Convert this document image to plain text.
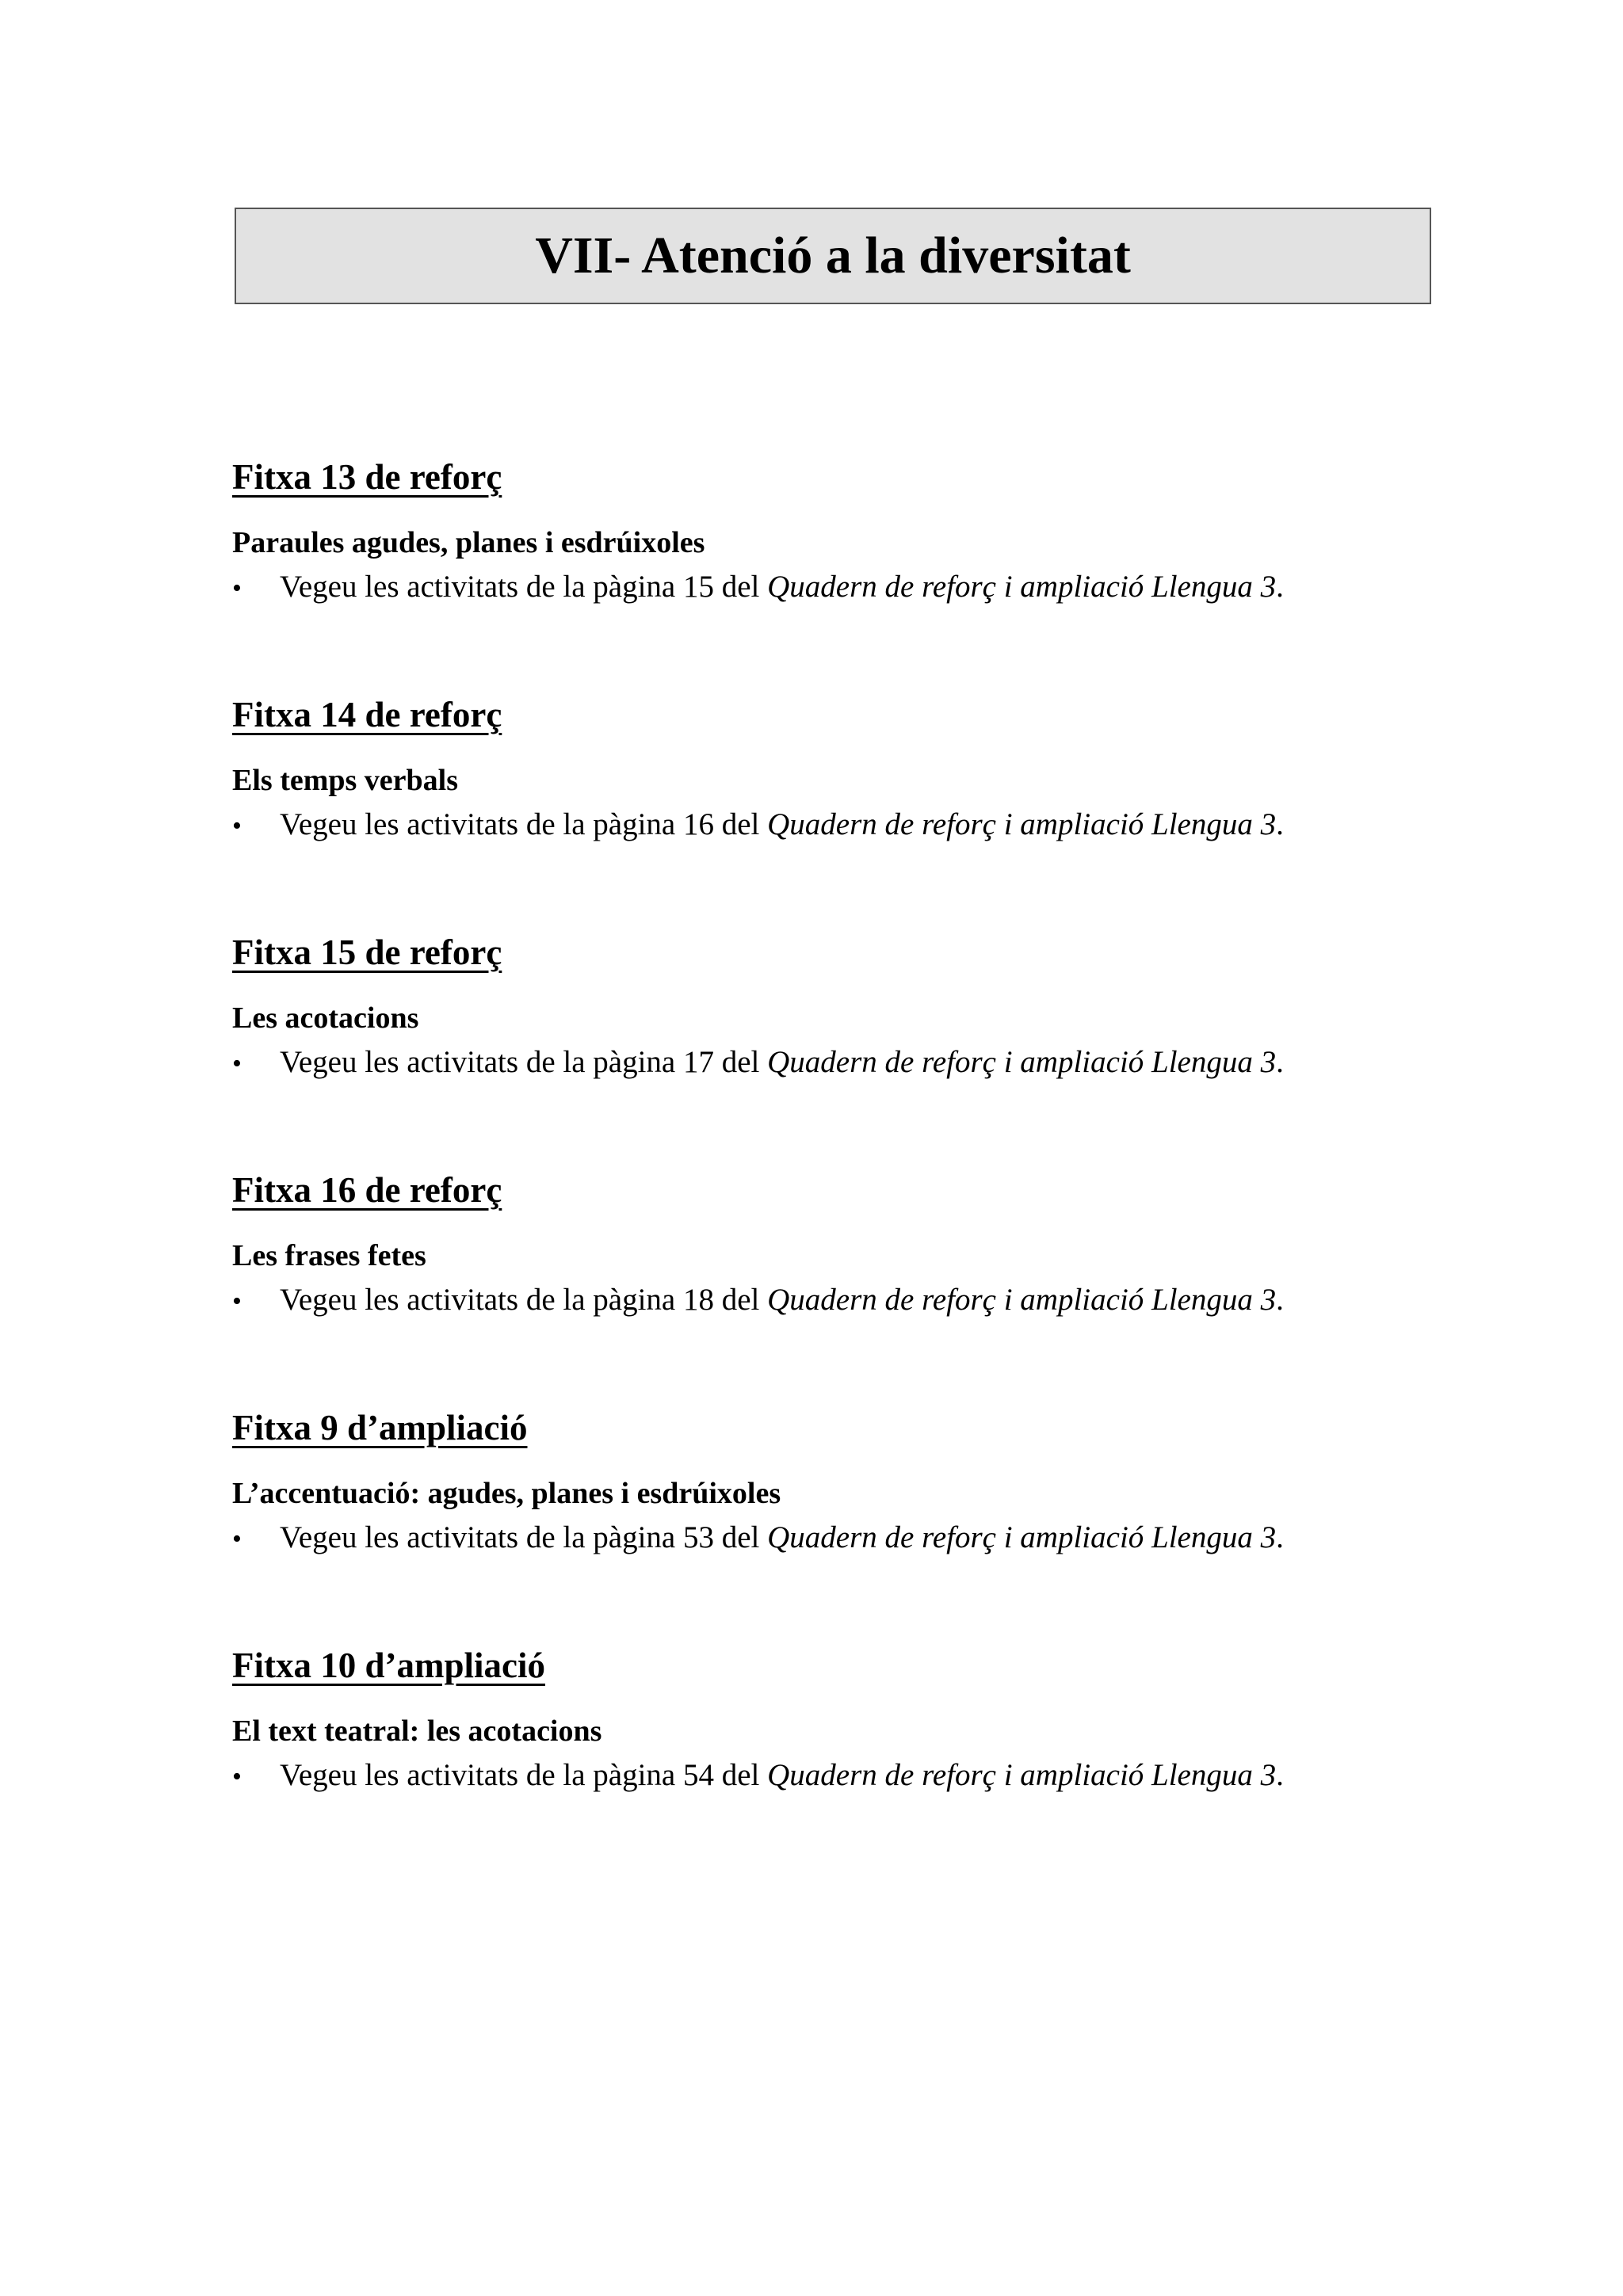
VII- Atenció a la diversitat
Fitxa 13 de reforç
Paraules agudes, planes i esdrúixoles
•	Vegeu les activitats de la pàgina 15 del Quadern de reforç i ampliació Llengua 3.
Fitxa 14 de reforç
Els temps verbals
•	Vegeu les activitats de la pàgina 16 del Quadern de reforç i ampliació Llengua 3.
Fitxa 15 de reforç
Les acotacions
•	Vegeu les activitats de la pàgina 17 del Quadern de reforç i ampliació Llengua 3.
Fitxa 16 de reforç
Les frases fetes
•	Vegeu les activitats de la pàgina 18 del Quadern de reforç i ampliació Llengua 3.
Fitxa 9 d’ampliació
L’accentuació: agudes, planes i esdrúixoles
•	Vegeu les activitats de la pàgina 53 del Quadern de reforç i ampliació Llengua 3.
Fitxa 10 d’ampliació
El text teatral: les acotacions
•	Vegeu les activitats de la pàgina 54 del Quadern de reforç i ampliació Llengua 3.
